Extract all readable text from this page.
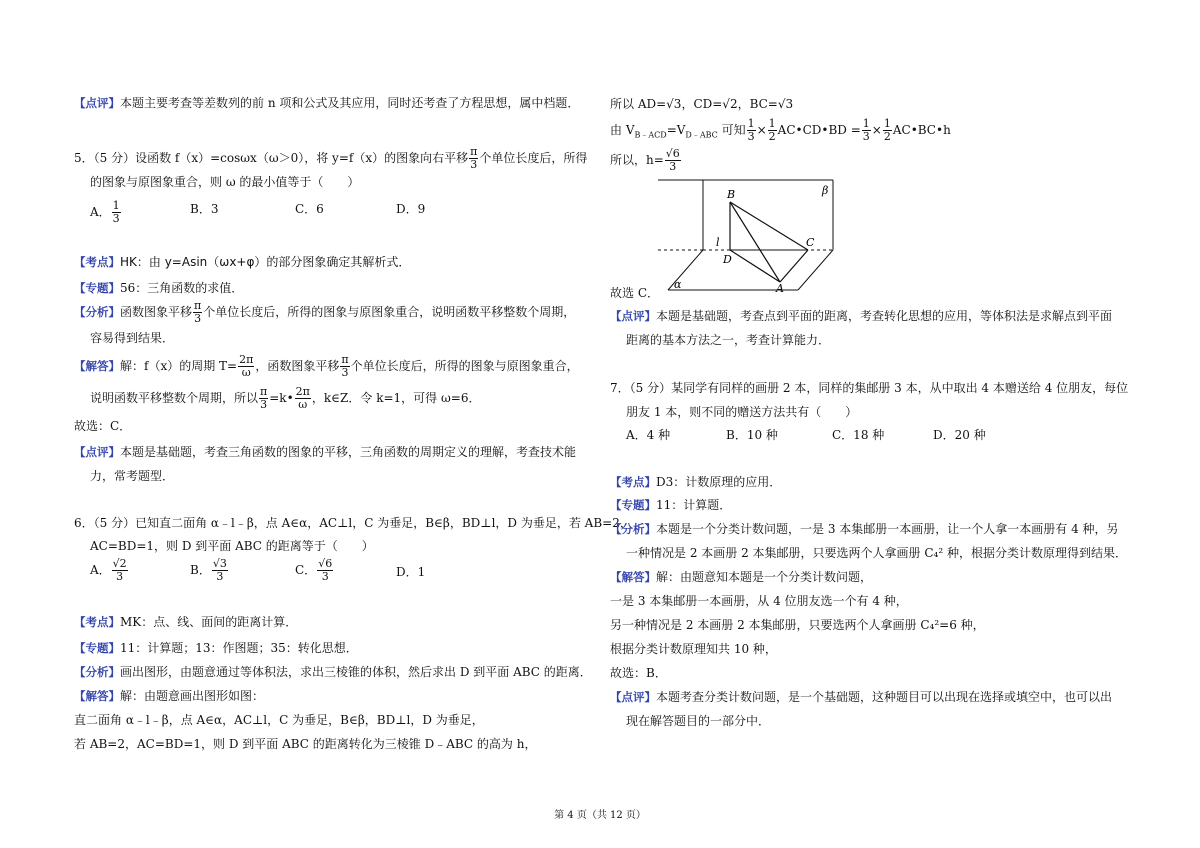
【点评】本题主要考查等差数列的前 n 项和公式及其应用，同时还考查了方程思想，属中档题．
5．（5 分）设函数 f（x）=cosωx（ω＞0），将 y=f（x）的图象向右平移 $\frac{\pi}{3}$ 个单位长度后，所得
的图象与原图象重合，则 ω 的最小值等于（　　）
A． $\frac{1}{3}$	B．3	C．6	D．9
【考点】HK：由 y=Asin（ωx+φ）的部分图象确定其解析式．
【专题】56：三角函数的求值．
【分析】函数图象平移 $\frac{\pi}{3}$ 个单位长度后，所得的图象与原图象重合，说明函数平移整数个周期，
容易得到结果．
【解答】解：f（x）的周期 $T= \frac{2\pi}{\omega}$ ，函数图象平移 $\frac{\pi}{3}$ 个单位长度后，所得的图象与原图象重合，
说明函数平移整数个周期，所以 $\frac{\pi}{3}$ =k• $\frac{2\pi}{\omega}$ ，k∈Z．令 k=1，可得 ω=6．
故选：C．
【点评】本题是基础题，考查三角函数的图象的平移，三角函数的周期定义的理解，考查技术能
力，常考题型．
6．（5 分）已知直二面角 α﹣l﹣β，点 A∈α，AC⊥l，C 为垂足，B∈β，BD⊥l，D 为垂足，若 AB=2，
AC=BD=1，则 D 到平面 ABC 的距离等于（　　）
A． $\frac{√2}{3}$	B． $\frac{√3}{3}$	C． $\frac{√6}{3}$	D．1
【考点】MK：点、线、面间的距离计算．
【专题】11：计算题；13：作图题；35：转化思想．
【分析】画出图形，由题意通过等体积法，求出三棱锥的体积，然后求出 D 到平面 ABC 的距离．
【解答】解：由题意画出图形如图：
直二面角 α﹣l﹣β，点 A∈α，AC⊥l，C 为垂足，B∈β，BD⊥l，D 为垂足，
若 AB=2，AC=BD=1，则 D 到平面 ABC 的距离转化为三棱锥 D﹣ABC 的高为 h，
所以 AD=√3，CD=√2，BC=√3
由 $V_{B﹣ACD}=V_{D﹣ABC}$ 可知 $\frac{1}{3} \times \frac{1}{2}$ AC•CD•BD = $\frac{1}{3} \times \frac{1}{2}$ AC•BC•h
所以，$h= \frac{√6}{3}$
B	β
l	C
D
A
α
故选 C．
【点评】本题是基础题，考查点到平面的距离，考查转化思想的应用，等体积法是求解点到平面
距离的基本方法之一，考查计算能力．
7．（5 分）某同学有同样的画册 2 本，同样的集邮册 3 本，从中取出 4 本赠送给 4 位朋友，每位
朋友 1 本，则不同的赠送方法共有（　　）
A．4 种	B．10 种	C．18 种	D．20 种
【考点】D3：计数原理的应用．
【专题】11：计算题．
【分析】本题是一个分类计数问题，一是 3 本集邮册一本画册，让一个人拿一本画册有 4 种，另
一种情况是 2 本画册 2 本集邮册，只要选两个人拿画册 C₄² 种，根据分类计数原理得到结果．
【解答】解：由题意知本题是一个分类计数问题，
一是 3 本集邮册一本画册，从 4 位朋友选一个有 4 种，
另一种情况是 2 本画册 2 本集邮册，只要选两个人拿画册 C₄²=6 种，
根据分类计数原理知共 10 种，
故选：B．
【点评】本题考查分类计数问题，是一个基础题，这种题目可以出现在选择或填空中，也可以出
现在解答题目的一部分中．
第 4 页（共 12 页）
